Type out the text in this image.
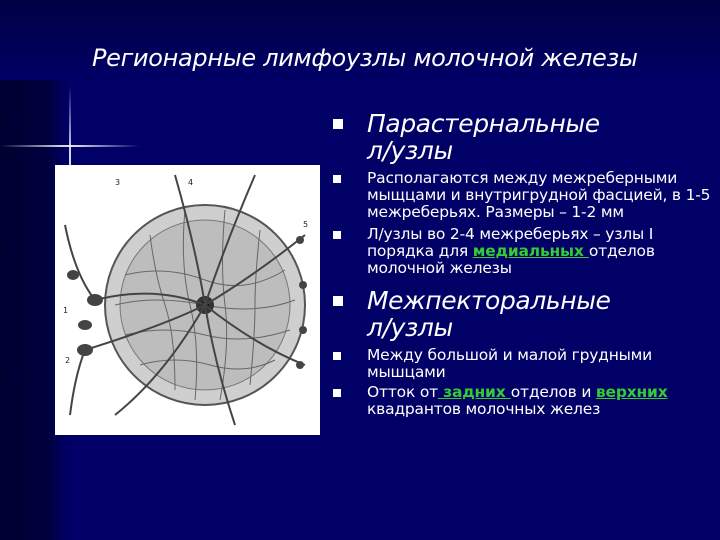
Регионарные лимфоузлы молочной железы
3	4
5
1
2
Парастернальные
л/узлы
Располагаются между межреберными мыщцами и внутригрудной фасцией, в 1-5 межреберьях. Размеры – 1-2 мм
Л/узлы во 2-4 межреберьях – узлы I порядка для медиальных отделов молочной железы
Межпекторальные
л/узлы
Между большой и малой грудными мышцами
Отток от задних отделов и верхних квадрантов молочных желез
